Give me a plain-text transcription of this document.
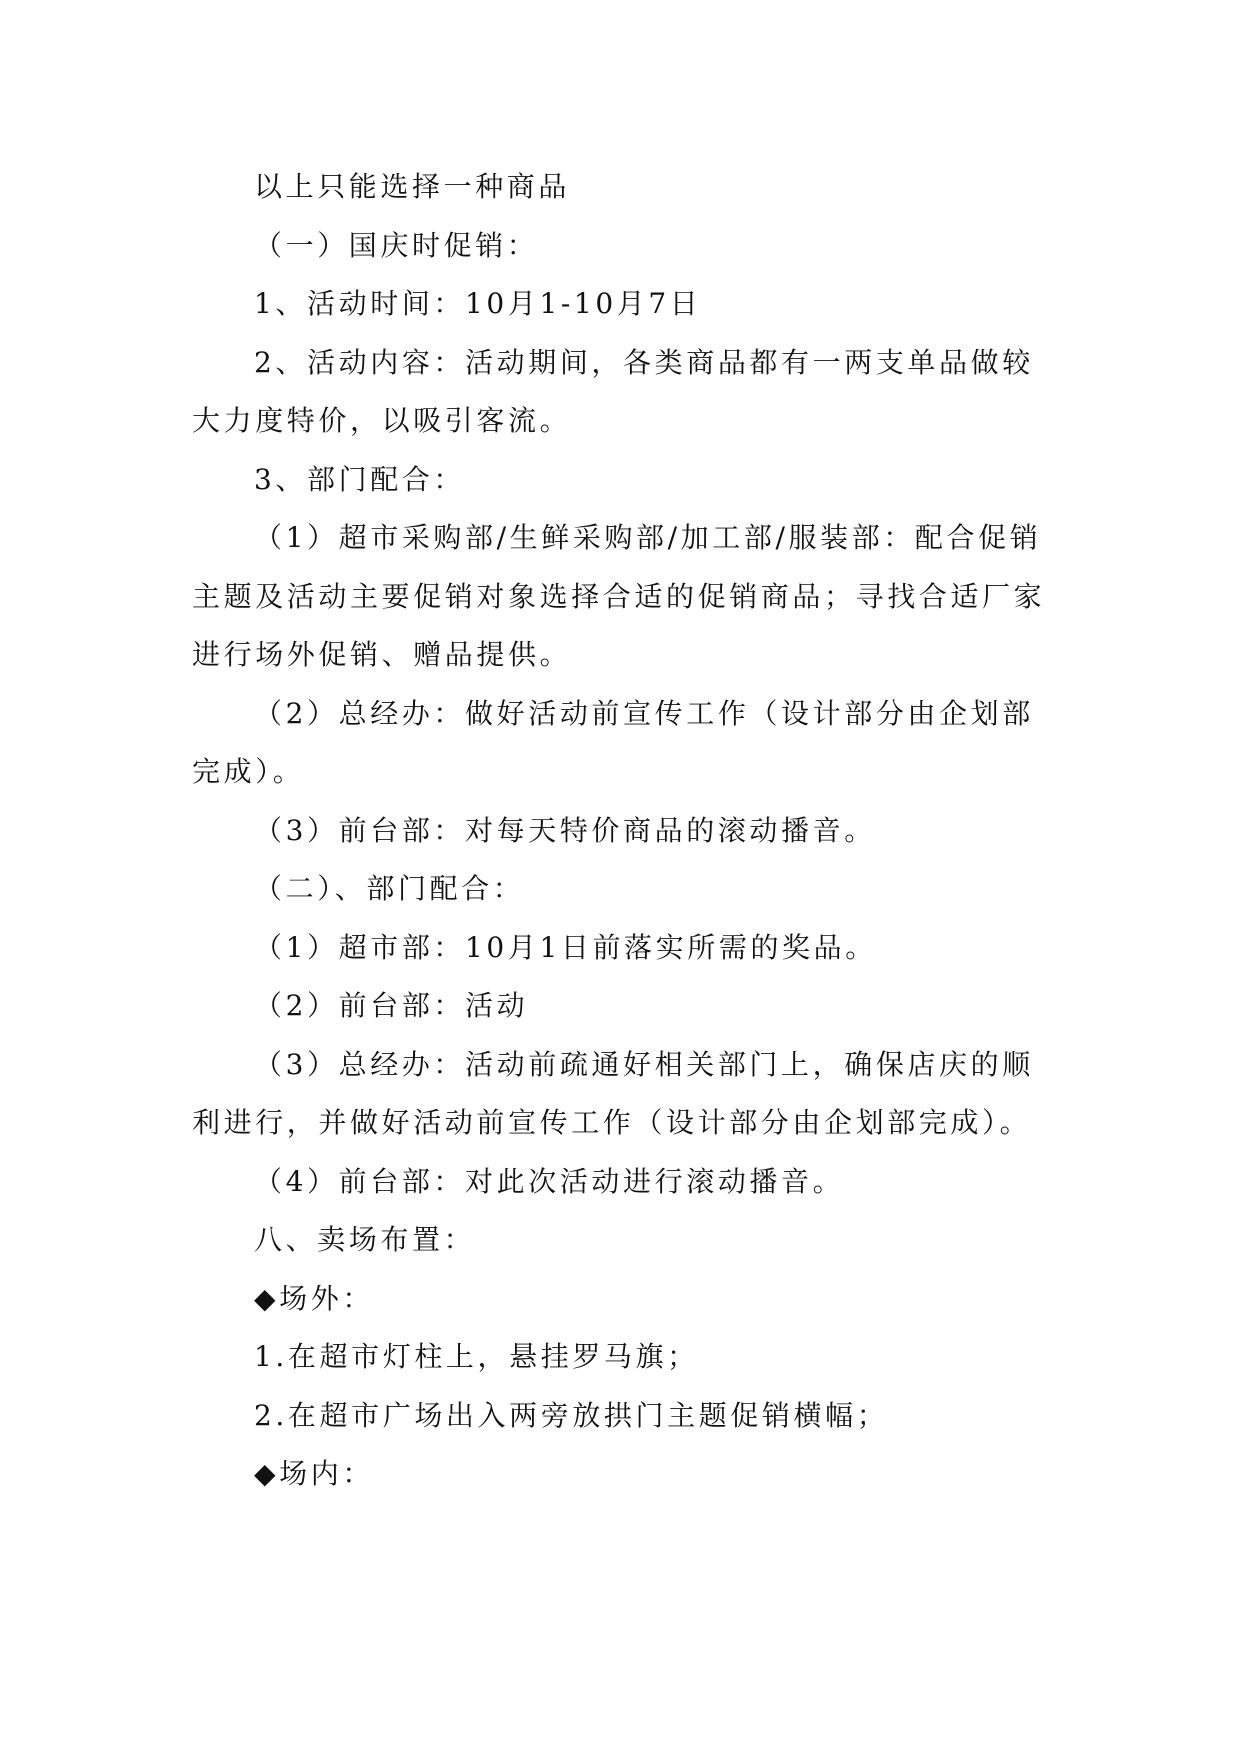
以上只能选择一种商品

（一）国庆时促销：

1、活动时间：10月1-10月7日

2、活动内容：活动期间，各类商品都有一两支单品做较大力度特价，以吸引客流。

3、部门配合：

（1）超市采购部/生鲜采购部/加工部/服装部：配合促销主题及活动主要促销对象选择合适的促销商品；寻找合适厂家进行场外促销、赠品提供。

（2）总经办：做好活动前宣传工作（设计部分由企划部完成）。

（3）前台部：对每天特价商品的滚动播音。

（二）、部门配合：

（1）超市部：10月1日前落实所需的奖品。

（2）前台部：活动

（3）总经办：活动前疏通好相关部门上，确保店庆的顺利进行，并做好活动前宣传工作（设计部分由企划部完成）。

（4）前台部：对此次活动进行滚动播音。

八、卖场布置：

◆场外：

1.在超市灯柱上，悬挂罗马旗；

2.在超市广场出入两旁放拱门主题促销横幅；

◆场内：
